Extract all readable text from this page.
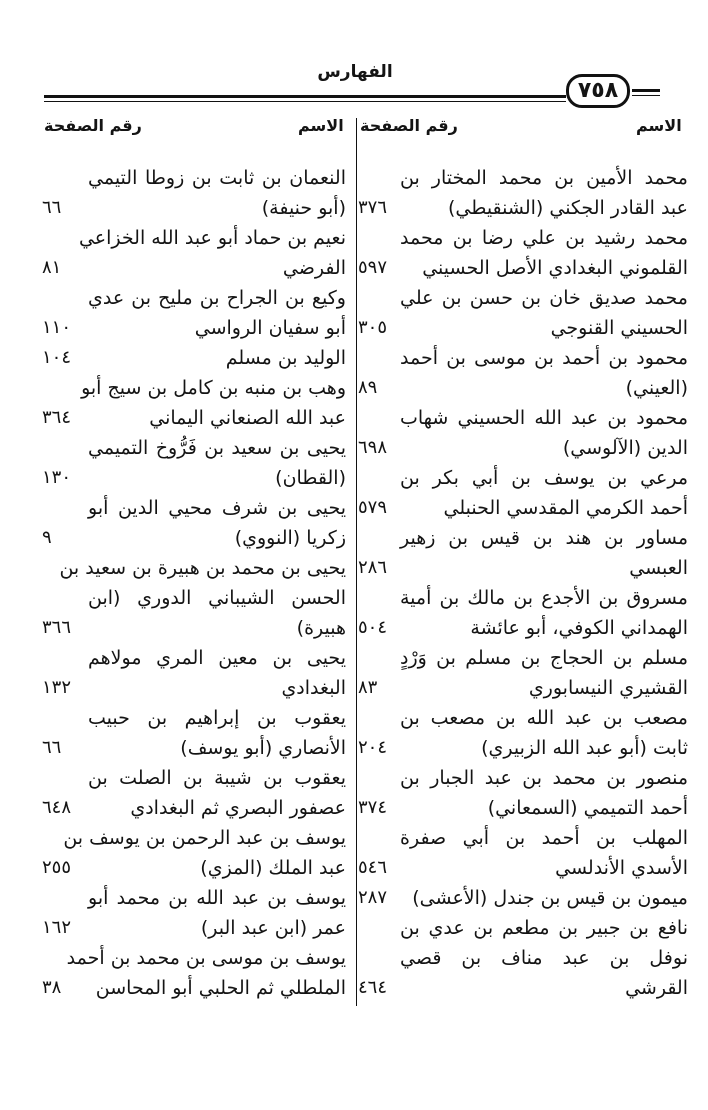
الفهارس
٧٥٨
الاسم
رقم الصفحة
الاسم
رقم الصفحة
محمد الأمين بن محمد المختار بن
عبد القادر الجكني (الشنقيطي)
٣٧٦
محمد رشيد بن علي رضا بن محمد
القلموني البغدادي الأصل الحسيني
٥٩٧
محمد صديق خان بن حسن بن علي
الحسيني القنوجي
٣٠٥
محمود بن أحمد بن موسى بن أحمد
(العيني)
٨٩
محمود بن عبد الله الحسيني شهاب
الدين (الآلوسي)
٦٩٨
مرعي بن يوسف بن أبي بكر بن
أحمد الكرمي المقدسي الحنبلي
٥٧٩
مساور بن هند بن قيس بن زهير
العبسي
٢٨٦
مسروق بن الأجدع بن مالك بن أمية
الهمداني الكوفي، أبو عائشة
٥٠٤
مسلم بن الحجاج بن مسلم بن وَرْدٍ
القشيري النيسابوري
٨٣
مصعب بن عبد الله بن مصعب بن
ثابت (أبو عبد الله الزبيري)
٢٠٤
منصور بن محمد بن عبد الجبار بن
أحمد التميمي (السمعاني)
٣٧٤
المهلب بن أحمد بن أبي صفرة
الأسدي الأندلسي
٥٤٦
ميمون بن قيس بن جندل (الأعشى)
٢٨٧
نافع بن جبير بن مطعم بن عدي بن
نوفل بن عبد مناف بن قصي
القرشي
٤٦٤
النعمان بن ثابت بن زوطا التيمي
(أبو حنيفة)
٦٦
نعيم بن حماد أبو عبد الله الخزاعي
الفرضي
٨١
وكيع بن الجراح بن مليح بن عدي
أبو سفيان الرواسي
١١٠
الوليد بن مسلم
١٠٤
وهب بن منبه بن كامل بن سيج أبو
عبد الله الصنعاني اليماني
٣٦٤
يحيى بن سعيد بن فَرُّوخ التميمي
(القطان)
١٣٠
يحيى بن شرف محيي الدين أبو
زكريا (النووي)
٩
يحيى بن محمد بن هبيرة بن سعيد بن
الحسن الشيباني الدوري (ابن
هبيرة)
٣٦٦
يحيى بن معين المري مولاهم
البغدادي
١٣٢
يعقوب بن إبراهيم بن حبيب
الأنصاري (أبو يوسف)
٦٦
يعقوب بن شيبة بن الصلت بن
عصفور البصري ثم البغدادي
٦٤٨
يوسف بن عبد الرحمن بن يوسف بن
عبد الملك (المزي)
٢٥٥
يوسف بن عبد الله بن محمد أبو
عمر (ابن عبد البر)
١٦٢
يوسف بن موسى بن محمد بن أحمد
الملطلي ثم الحلبي أبو المحاسن
٣٨
